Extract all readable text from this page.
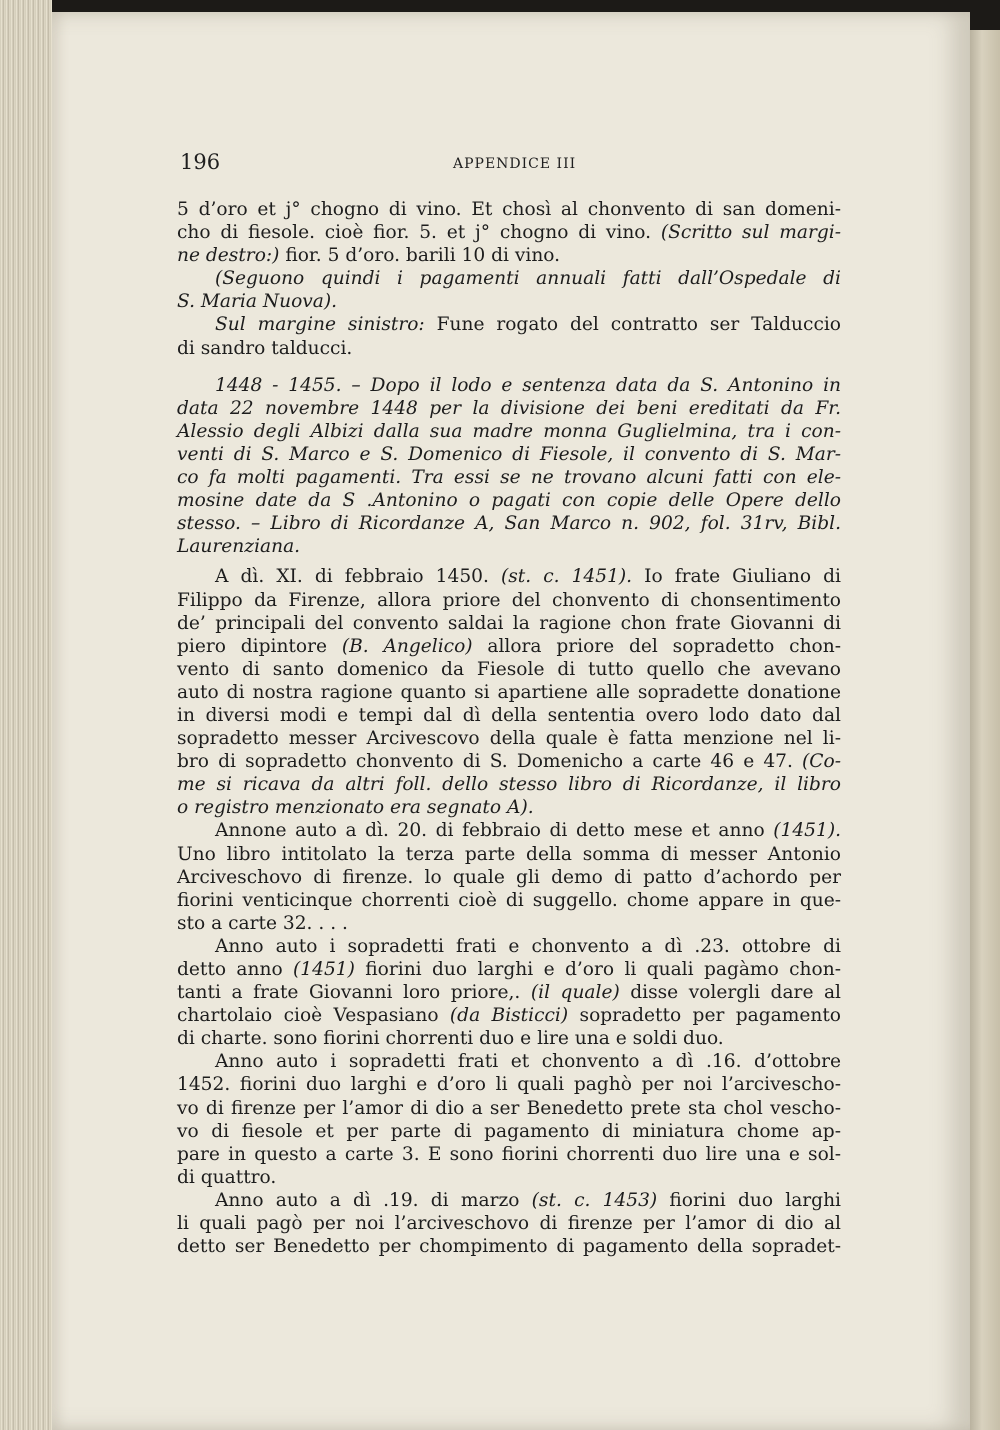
196	APPENDICE III

5 d’oro et j° chogno di vino. Et chosì al chonvento di san domeni-
cho di fiesole. cioè fior. 5. et j° chogno di vino. (Scritto sul margi-
ne destro:) fior. 5 d’oro. barili 10 di vino.

(Seguono quindi i pagamenti annuali fatti dall’Ospedale di
S. Maria Nuova).

Sul margine sinistro: Fune rogato del contratto ser Talduccio
di sandro talducci.

1448 - 1455. – Dopo il lodo e sentenza data da S. Antonino in
data 22 novembre 1448 per la divisione dei beni ereditati da Fr.
Alessio degli Albizi dalla sua madre monna Guglielmina, tra i con-
venti di S. Marco e S. Domenico di Fiesole, il convento di S. Mar-
co fa molti pagamenti. Tra essi se ne trovano alcuni fatti con ele-
mosine date da S .Antonino o pagati con copie delle Opere dello
stesso. – Libro di Ricordanze A, San Marco n. 902, fol. 31rv, Bibl.
Laurenziana.

A dì. XI. di febbraio 1450. (st. c. 1451). Io frate Giuliano di
Filippo da Firenze, allora priore del chonvento di chonsentimento
de’ principali del convento saldai la ragione chon frate Giovanni di
piero dipintore (B. Angelico) allora priore del sopradetto chon-
vento di santo domenico da Fiesole di tutto quello che avevano
auto di nostra ragione quanto si apartiene alle sopradette donatione
in diversi modi e tempi dal dì della sententia overo lodo dato dal
sopradetto messer Arcivescovo della quale è fatta menzione nel li-
bro di sopradetto chonvento di S. Domenicho a carte 46 e 47. (Co-
me si ricava da altri foll. dello stesso libro di Ricordanze, il libro
o registro menzionato era segnato A).

Annone auto a dì. 20. di febbraio di detto mese et anno (1451).
Uno libro intitolato la terza parte della somma di messer Antonio
Arciveschovo di firenze. lo quale gli demo di patto d’achordo per
fiorini venticinque chorrenti cioè di suggello. chome appare in que-
sto a carte 32. . . .

Anno auto i sopradetti frati e chonvento a dì .23. ottobre di
detto anno (1451) fiorini duo larghi e d’oro li quali pagàmo chon-
tanti a frate Giovanni loro priore,. (il quale) disse volergli dare al
chartolaio cioè Vespasiano (da Bisticci) sopradetto per pagamento
di charte. sono fiorini chorrenti duo e lire una e soldi duo.

Anno auto i sopradetti frati et chonvento a dì .16. d’ottobre
1452. fiorini duo larghi e d’oro li quali paghò per noi l’arciveschо-
vo di firenze per l’amor di dio a ser Benedetto prete sta chol vescho-
vo di fiesole et per parte di pagamento di miniatura chome ap-
pare in questo a carte 3. E sono fiorini chorrenti duo lire una e sol-
di quattro.

Anno auto a dì .19. di marzo (st. c. 1453) fiorini duo larghi
li quali pagò per noi l’arciveschovo di firenze per l’amor di dio al
detto ser Benedetto per chompimento di pagamento della sopradet-
